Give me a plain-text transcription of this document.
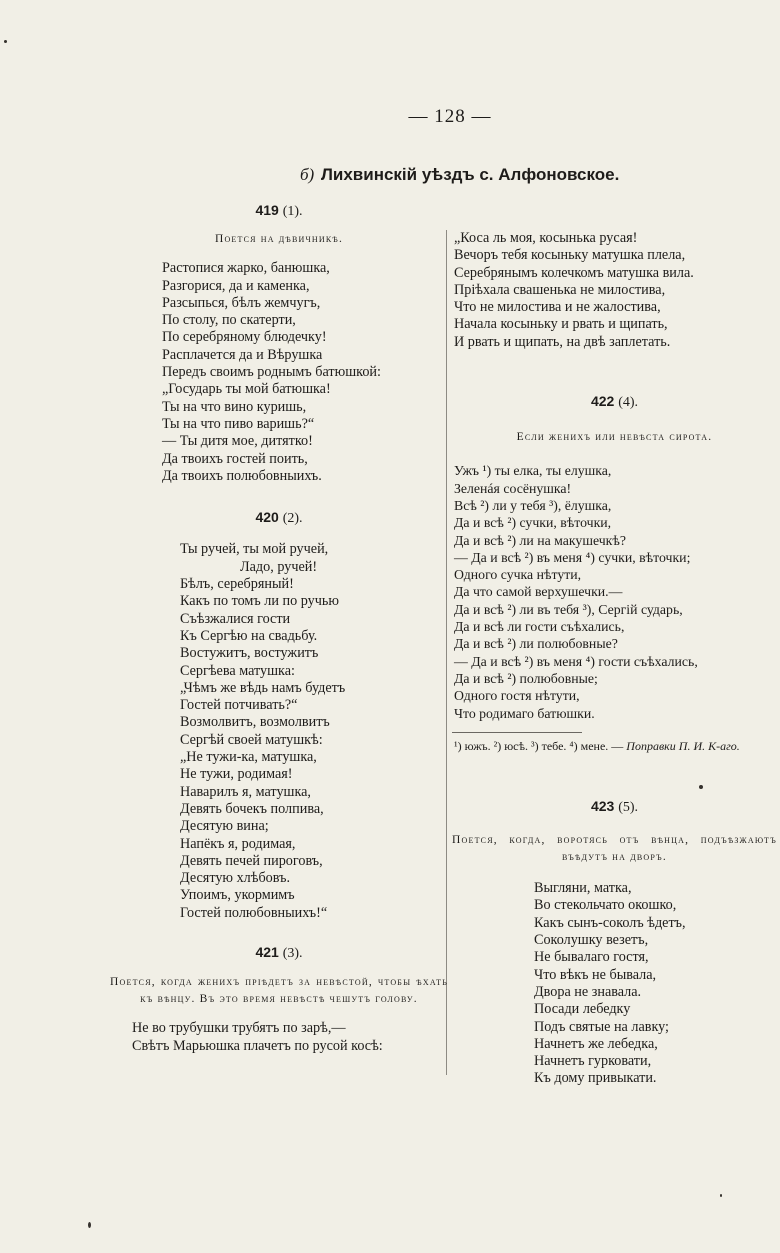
— 128 —
б) Лихвинскій уѣздъ с. Алфоновское.
419 (1).
Поется на дѣвичникѣ.
Растопися жарко, банюшка,
Разгорися, да и каменка,
Разсыпься, бѣлъ жемчугъ,
По столу, по скатерти,
По серебряному блюдечку!
Расплачется да и Вѣрушка
Передъ своимъ роднымъ батюшкой:
„Государь ты мой батюшка!
Ты на что вино куришь,
Ты на что пиво варишь?“
— Ты дитя мое, дитятко!
Да твоихъ гостей поить,
Да твоихъ полюбовныихъ.
420 (2).
Ты ручей, ты мой ручей,
Ладо, ручей!
Бѣлъ, серебряный!
Какъ по томъ ли по ручью
Съѣзжалися гости
Къ Сергѣю на свадьбу.
Востужитъ, востужитъ
Сергѣева матушка:
„Чѣмъ же вѣдь намъ будетъ
Гостей потчивать?“
Возмолвитъ, возмолвитъ
Сергѣй своей матушкѣ:
„Не тужи-ка, матушка,
Не тужи, родимая!
Наварилъ я, матушка,
Девять бочекъ полпива,
Десятую вина;
Напёкъ я, родимая,
Девять печей пироговъ,
Десятую хлѣбовъ.
Упоимъ, укормимъ
Гостей полюбовныихъ!“
421 (3).
Поется, когда женихъ пріѣдетъ за невѣстой, чтобы ѣхать къ вѣнцу. Въ это время невѣстѣ чешутъ голову.
Не во трубушки трубятъ по зарѣ,—
Свѣтъ Марьюшка плачетъ по русой косѣ:
„Коса ль моя, косынька русая!
Вечоръ тебя косыньку матушка плела,
Серебрянымъ колечкомъ матушка вила.
Пріѣхала свашенька не милостива,
Что не милостива и не жалостива,
Начала косыньку и рвать и щипать,
И рвать и щипать, на двѣ заплетать.
422 (4).
Если женихъ или невѣста сирота.
Ужъ ¹) ты елка, ты елушка,
Зеленáя сосёнушка!
Всѣ ²) ли у тебя ³), ёлушка,
Да и всѣ ²) сучки, вѣточки,
Да и всѣ ²) ли на макушечкѣ?
— Да и всѣ ²) въ меня ⁴) сучки, вѣточки;
Одного сучка нѣтути,
Да что самой верхушечки.—
Да и всѣ ²) ли въ тебя ³), Сергій сударь,
Да и всѣ ли гости съѣхались,
Да и всѣ ²) ли полюбовные?
— Да и всѣ ²) въ меня ⁴) гости съѣхались,
Да и всѣ ²) полюбовные;
Одного гостя нѣтути,
Что родимаго батюшки.
¹) южъ. ²) юсѣ. ³) тебе. ⁴) мене. — Поправки П. И. К-аго.
423 (5).
Поется, когда, воротясь отъ вѣнца, подъѣзжаютъ въѣдутъ на дворъ.
Выгляни, матка,
Во стекольчато окошко,
Какъ сынъ-соколъ ѣдетъ,
Соколушку везетъ,
Не бывалаго гостя,
Что вѣкъ не бывала,
Двора не знавала.
Посади лебедку
Подъ святые на лавку;
Начнетъ же лебедка,
Начнетъ гурковати,
Къ дому привыкати.
